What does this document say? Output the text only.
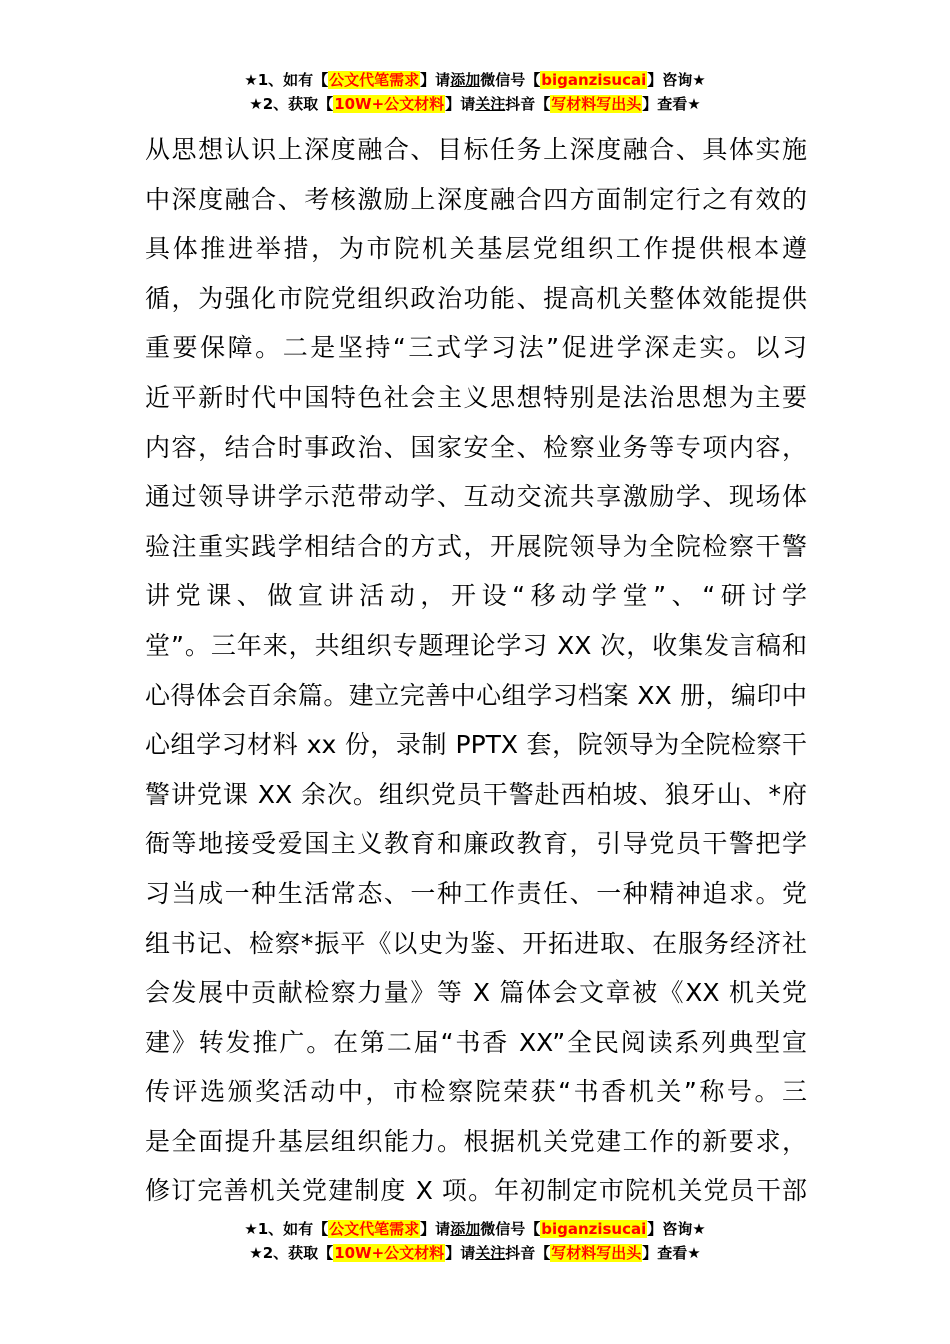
★1、如有【公文代笔需求】请添加微信号【biganzisucai】咨询★
★2、获取【10W+公文材料】请关注抖音【写材料写出头】查看★
从思想认识上深度融合、目标任务上深度融合、具体实施
中深度融合、考核激励上深度融合四方面制定行之有效的
具体推进举措，为市院机关基层党组织工作提供根本遵
循，为强化市院党组织政治功能、提高机关整体效能提供
重要保障。二是坚持“三式学习法”促进学深走实。以习
近平新时代中国特色社会主义思想特别是法治思想为主要
内容，结合时事政治、国家安全、检察业务等专项内容，
通过领导讲学示范带动学、互动交流共享激励学、现场体
验注重实践学相结合的方式，开展院领导为全院检察干警
讲党课、做宣讲活动，开设“移动学堂”、“研讨学
堂”。三年来，共组织专题理论学习 XX 次，收集发言稿和
心得体会百余篇。建立完善中心组学习档案 XX 册，编印中
心组学习材料 xx 份，录制 PPTX 套，院领导为全院检察干
警讲党课 XX 余次。组织党员干警赴西柏坡、狼牙山、*府
衙等地接受爱国主义教育和廉政教育，引导党员干警把学
习当成一种生活常态、一种工作责任、一种精神追求。党
组书记、检察*振平《以史为鉴、开拓进取、在服务经济社
会发展中贡献检察力量》等 X 篇体会文章被《XX 机关党
建》转发推广。在第二届“书香 XX”全民阅读系列典型宣
传评选颁奖活动中，市检察院荣获“书香机关”称号。三
是全面提升基层组织能力。根据机关党建工作的新要求，
修订完善机关党建制度 X 项。年初制定市院机关党员干部
★1、如有【公文代笔需求】请添加微信号【biganzisucai】咨询★
★2、获取【10W+公文材料】请关注抖音【写材料写出头】查看★
